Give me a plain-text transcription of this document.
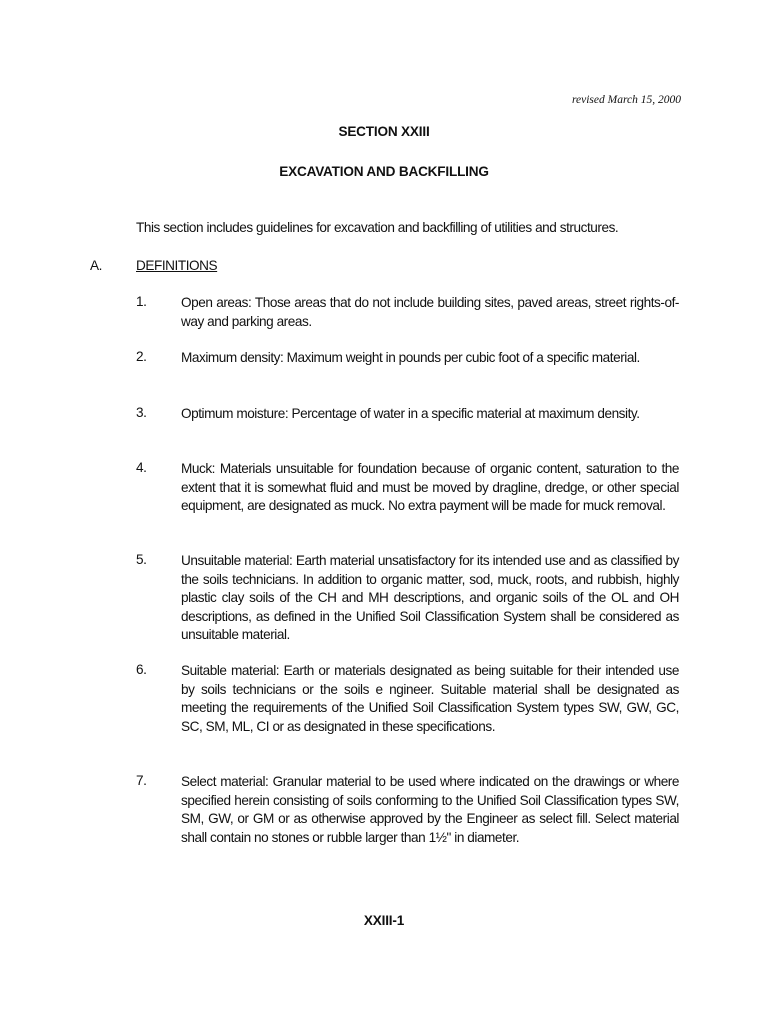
revised March 15, 2000
SECTION XXIII
EXCAVATION AND BACKFILLING
This section includes guidelines for excavation and backfilling of utilities and structures.
A.	DEFINITIONS
1.	Open areas: Those areas that do not include building sites, paved areas, street rights-of-way and parking areas.
2.	Maximum density: Maximum weight in pounds per cubic foot of a specific material.
3.	Optimum moisture: Percentage of water in a specific material at maximum density.
4.	Muck: Materials unsuitable for foundation because of organic content, saturation to the extent that it is somewhat fluid and must be moved by dragline, dredge, or other special equipment, are designated as muck. No extra payment will be made for muck removal.
5.	Unsuitable material: Earth material unsatisfactory for its intended use and as classified by the soils technicians. In addition to organic matter, sod, muck, roots, and rubbish, highly plastic clay soils of the CH and MH descriptions, and organic soils of the OL and OH descriptions, as defined in the Unified Soil Classification System shall be considered as unsuitable material.
6.	Suitable material: Earth or materials designated as being suitable for their intended use by soils technicians or the soils e ngineer. Suitable material shall be designated as meeting the requirements of the Unified Soil Classification System types SW, GW, GC, SC, SM, ML, CI or as designated in these specifications.
7.	Select material: Granular material to be used where indicated on the drawings or where specified herein consisting of soils conforming to the Unified Soil Classification types SW, SM, GW, or GM or as otherwise approved by the Engineer as select fill. Select material shall contain no stones or rubble larger than 1½" in diameter.
XXIII-1
